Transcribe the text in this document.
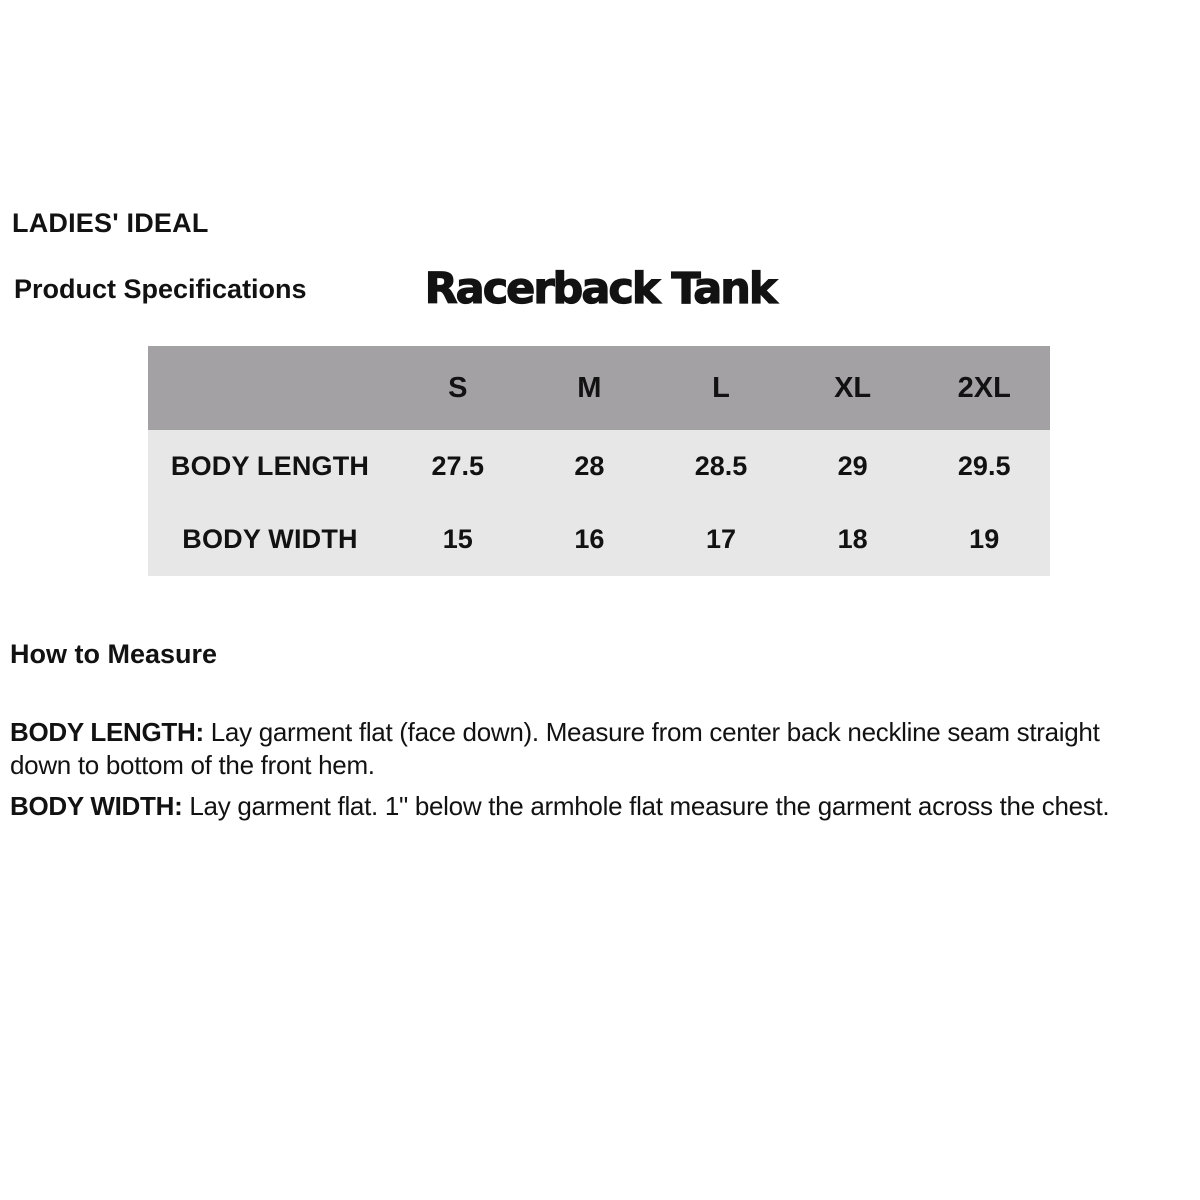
LADIES' IDEAL
Product Specifications	Racerback Tank
S	M	L	XL	2XL
BODY LENGTH	27.5	28	28.5	29	29.5
BODY WIDTH	15	16	17	18	19
How to Measure

BODY LENGTH: Lay garment flat (face down). Measure from center back neckline seam straight
down to bottom of the front hem.

BODY WIDTH: Lay garment flat. 1" below the armhole flat measure the garment across the chest.
